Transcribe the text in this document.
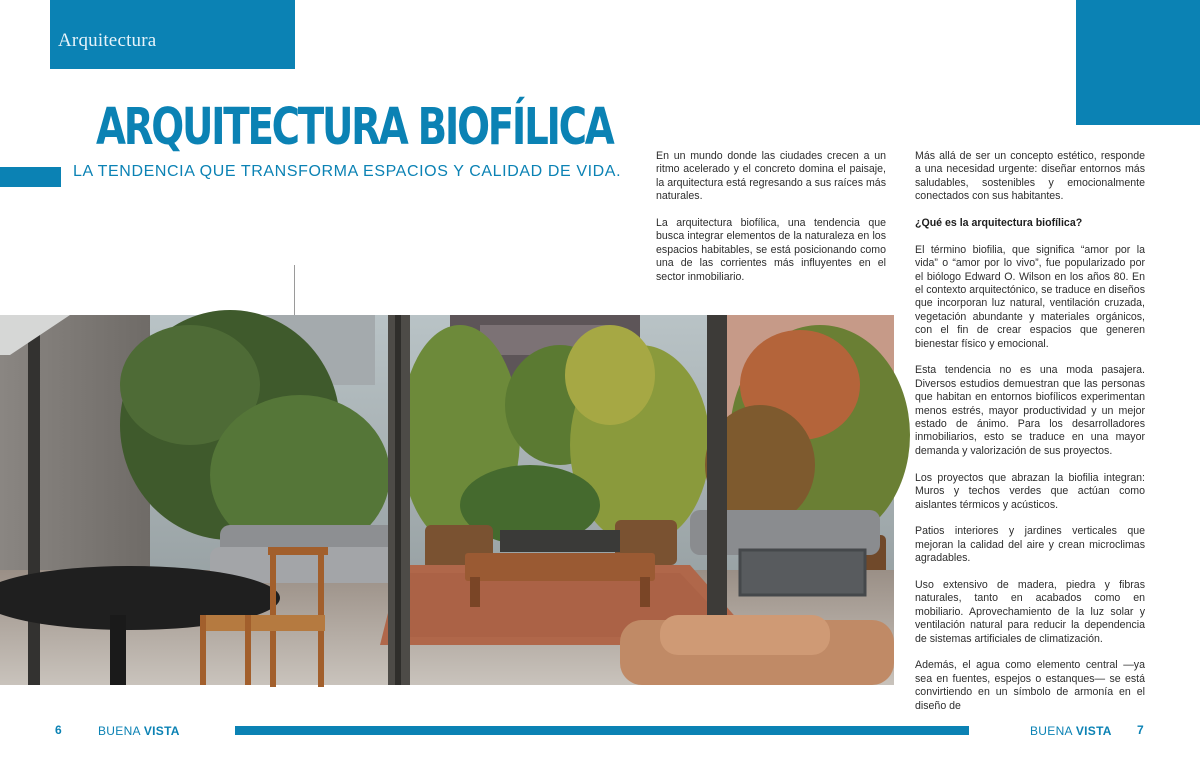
Arquitectura
ARQUITECTURA BIOFÍLICA
LA TENDENCIA QUE TRANSFORMA ESPACIOS Y CALIDAD DE VIDA.

En un mundo donde las ciudades crecen a un ritmo acelerado y el concreto domina el paisaje, la arquitectura está regresando a sus raíces más naturales.

La arquitectura biofílica, una tendencia que busca integrar elementos de la naturaleza en los espacios habitables, se está posicionando como una de las corrientes más influyentes en el sector inmobiliario.

Más allá de ser un concepto estético, responde a una necesidad urgente: diseñar entornos más saludables, sostenibles y emocionalmente conectados con sus habitantes.

¿Qué es la arquitectura biofílica?

El término biofilia, que significa “amor por la vida” o “amor por lo vivo”, fue popularizado por el biólogo Edward O. Wilson en los años 80. En el contexto arquitectónico, se traduce en diseños que incorporan luz natural, ventilación cruzada, vegetación abundante y materiales orgánicos, con el fin de crear espacios que generen bienestar físico y emocional.

Esta tendencia no es una moda pasajera. Diversos estudios demuestran que las personas que habitan en entornos biofílicos experimentan menos estrés, mayor productividad y un mejor estado de ánimo. Para los desarrolladores inmobiliarios, esto se traduce en una mayor demanda y valorización de sus proyectos.

Los proyectos que abrazan la biofilia integran: Muros y techos verdes que actúan como aislantes térmicos y acústicos.

Patios interiores y jardines verticales que mejoran la calidad del aire y crean microclimas agradables.

Uso extensivo de madera, piedra y fibras naturales, tanto en acabados como en mobiliario. Aprovechamiento de la luz solar y ventilación natural para reducir la dependencia de sistemas artificiales de climatización.

Además, el agua como elemento central —ya sea en fuentes, espejos o estanques— se está convirtiendo en un símbolo de armonía en el diseño de

6	BUENA VISTA	BUENA VISTA 7
